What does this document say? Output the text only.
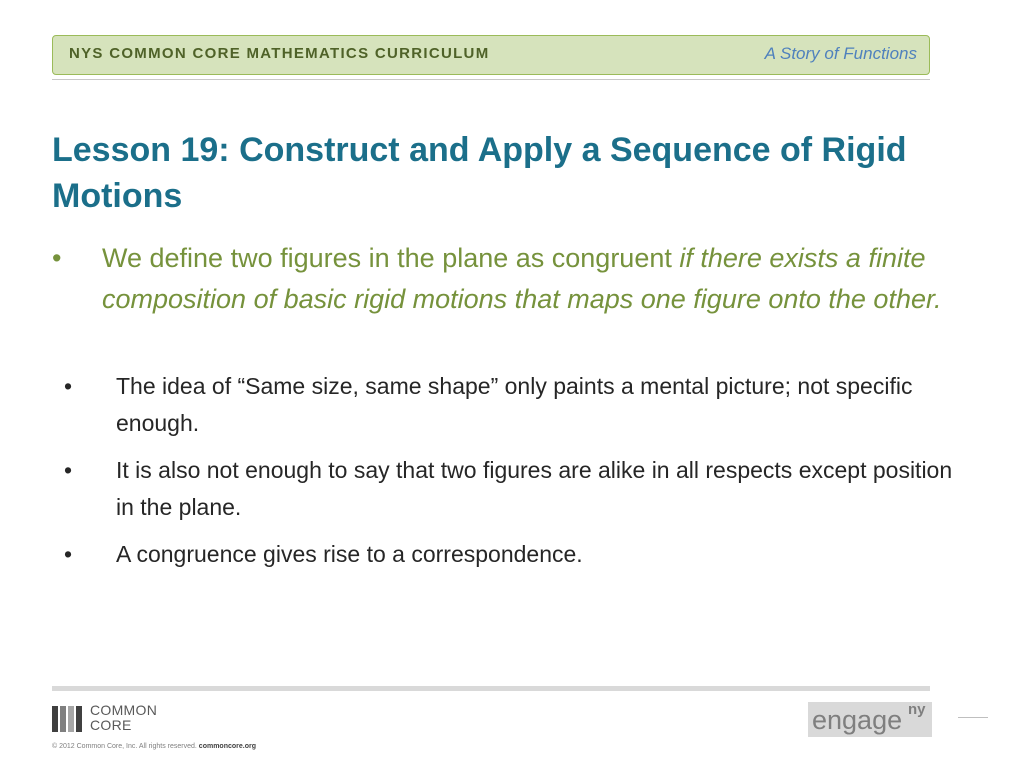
NYS COMMON CORE MATHEMATICS CURRICULUM	A Story of Functions
Lesson 19: Construct and Apply a Sequence of Rigid Motions
• We define two figures in the plane as congruent if there exists a finite composition of basic rigid motions that maps one figure onto the other.
• The idea of “Same size, same shape” only paints a mental picture; not specific enough.
• It is also not enough to say that two figures are alike in all respects except position in the plane.
• A congruence gives rise to a correspondence.
COMMON
CORE
© 2012 Common Core, Inc. All rights reserved. commoncore.org
engage ny
